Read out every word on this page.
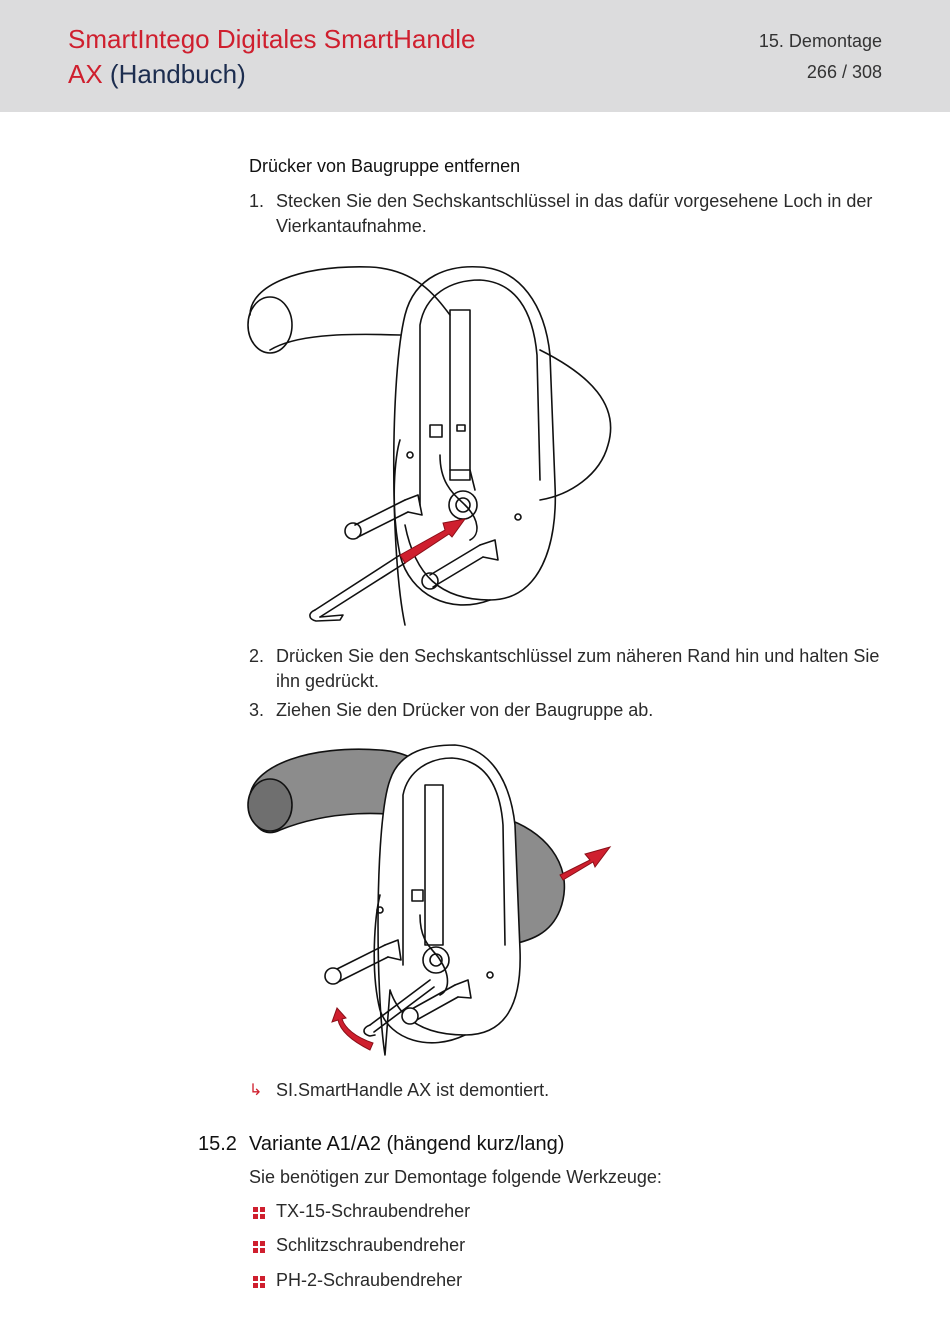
SmartIntego Digitales SmartHandle
AX (Handbuch)
15. Demontage
266 / 308
Drücker von Baugruppe entfernen
1. Stecken Sie den Sechskantschlüssel in das dafür vorgesehene Loch in der Vierkantaufnahme.
2. Drücken Sie den Sechskantschlüssel zum näheren Rand hin und halten Sie ihn gedrückt.
3. Ziehen Sie den Drücker von der Baugruppe ab.
↳ SI.SmartHandle AX ist demontiert.
15.2 Variante A1/A2 (hängend kurz/lang)
Sie benötigen zur Demontage folgende Werkzeuge:
TX-15-Schraubendreher
Schlitzschraubendreher
PH-2-Schraubendreher
